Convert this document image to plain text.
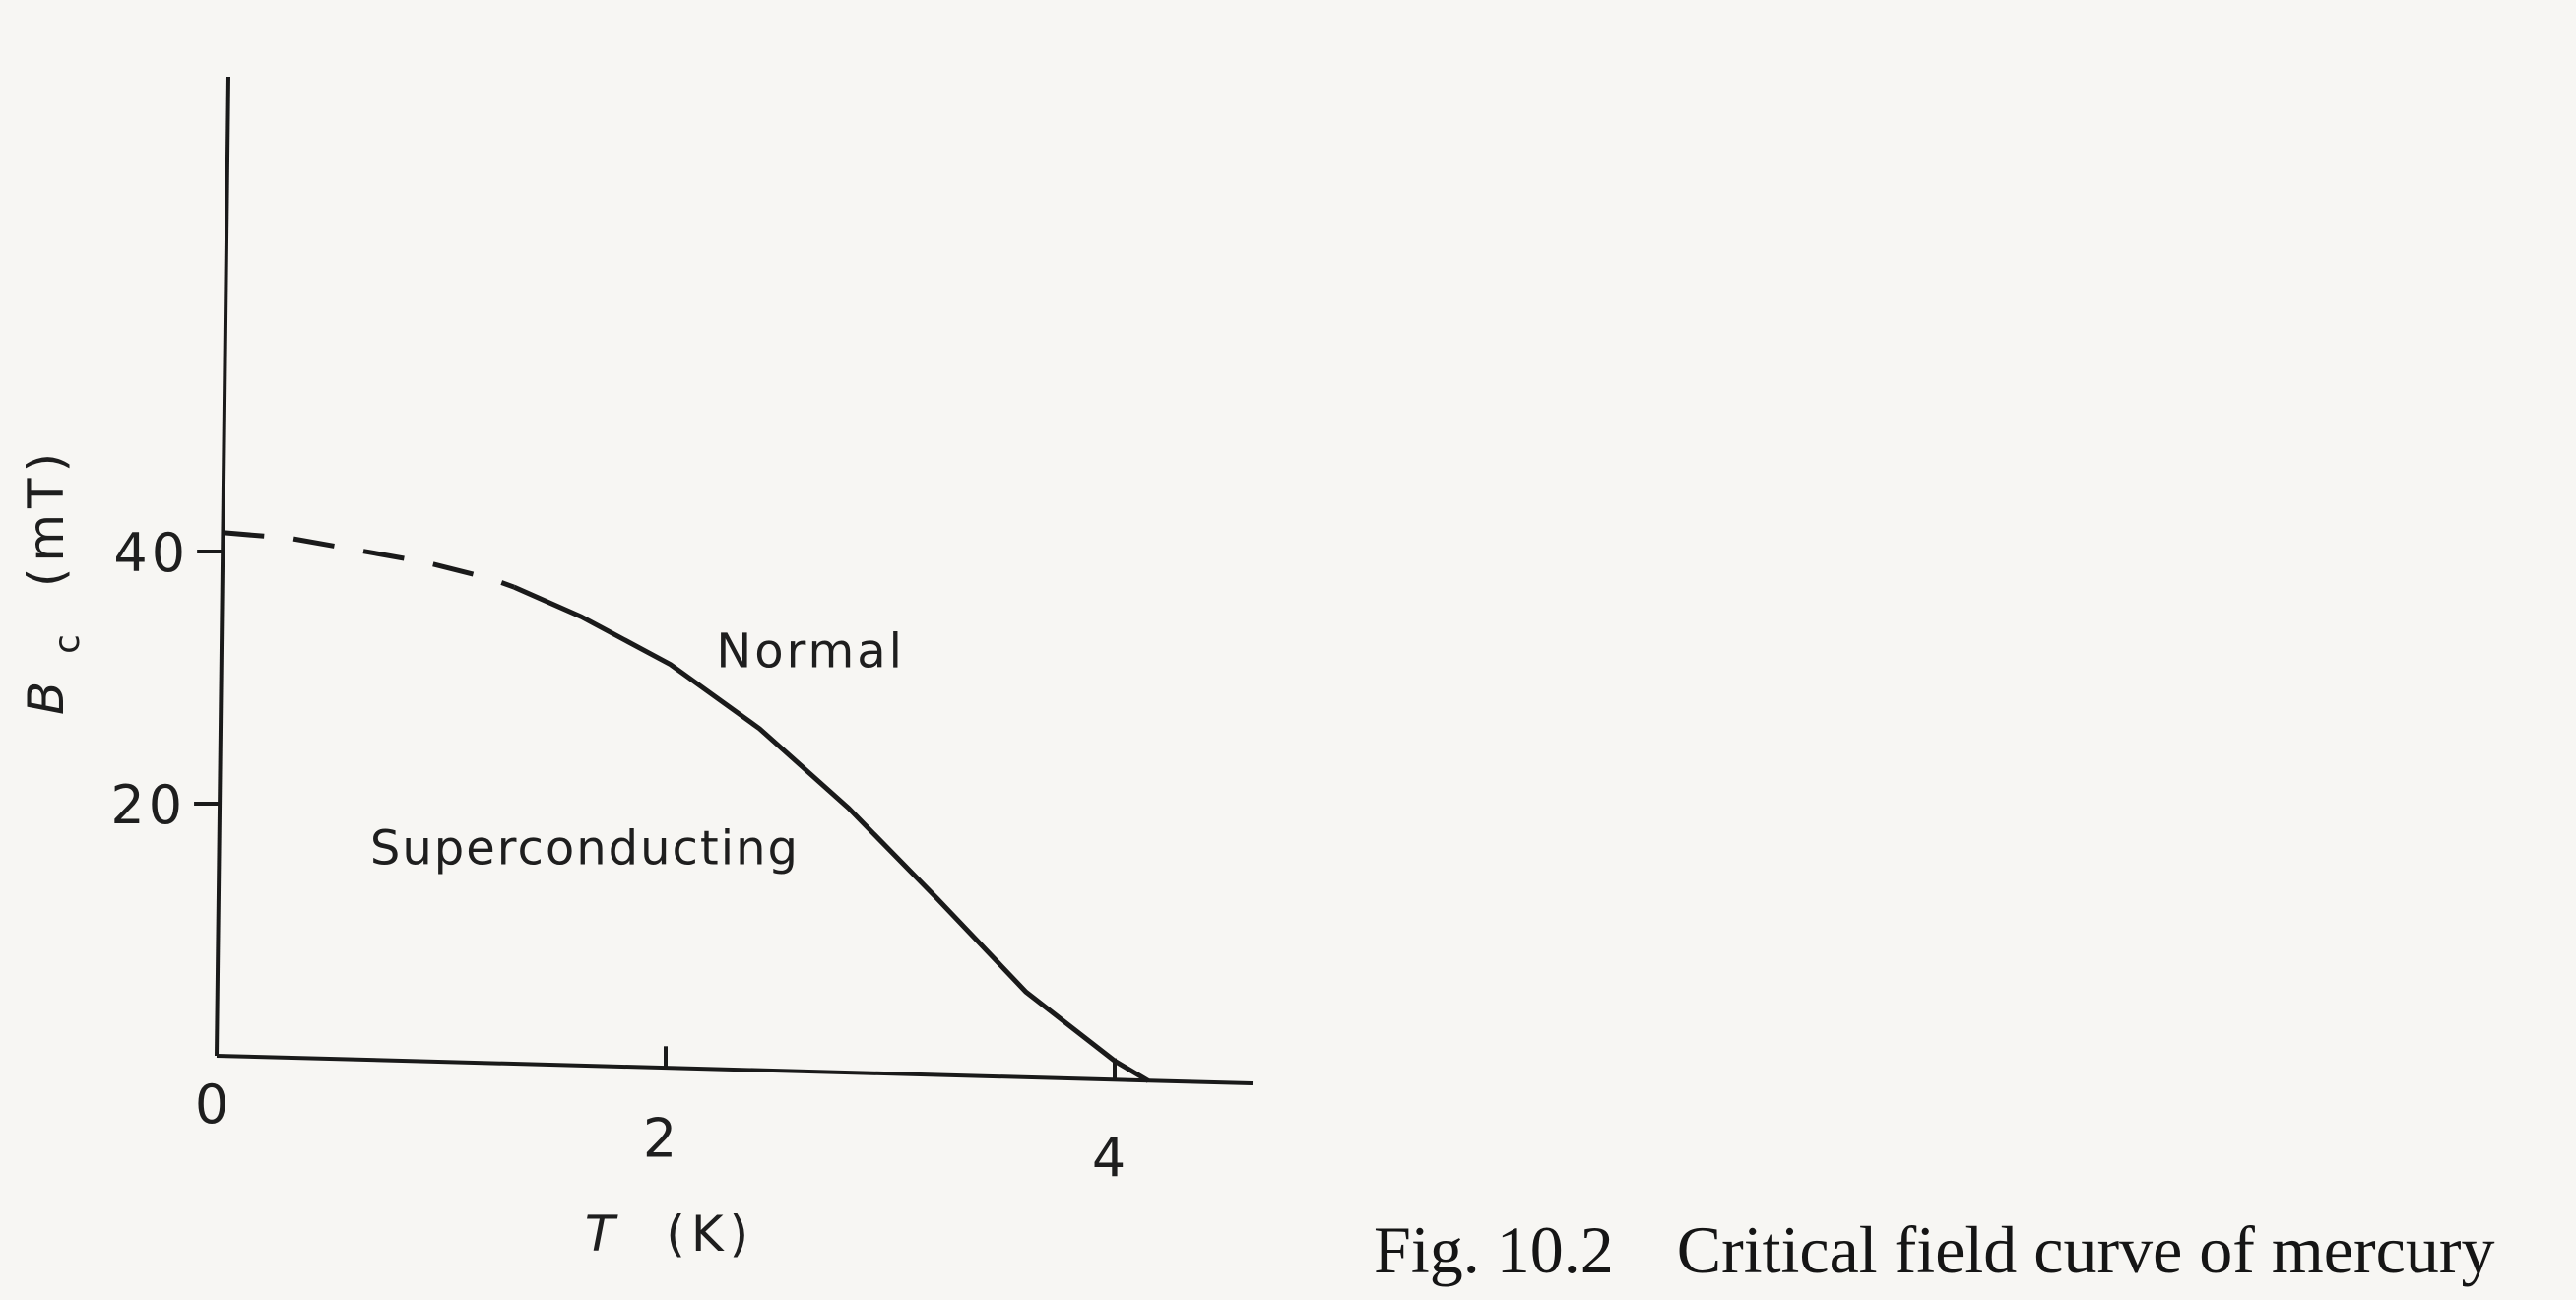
0
2	4
20
40
Normal
Superconducting
T (K)
B $_c$ (mT)
Fig. 10.2 Critical field curve of mercury
